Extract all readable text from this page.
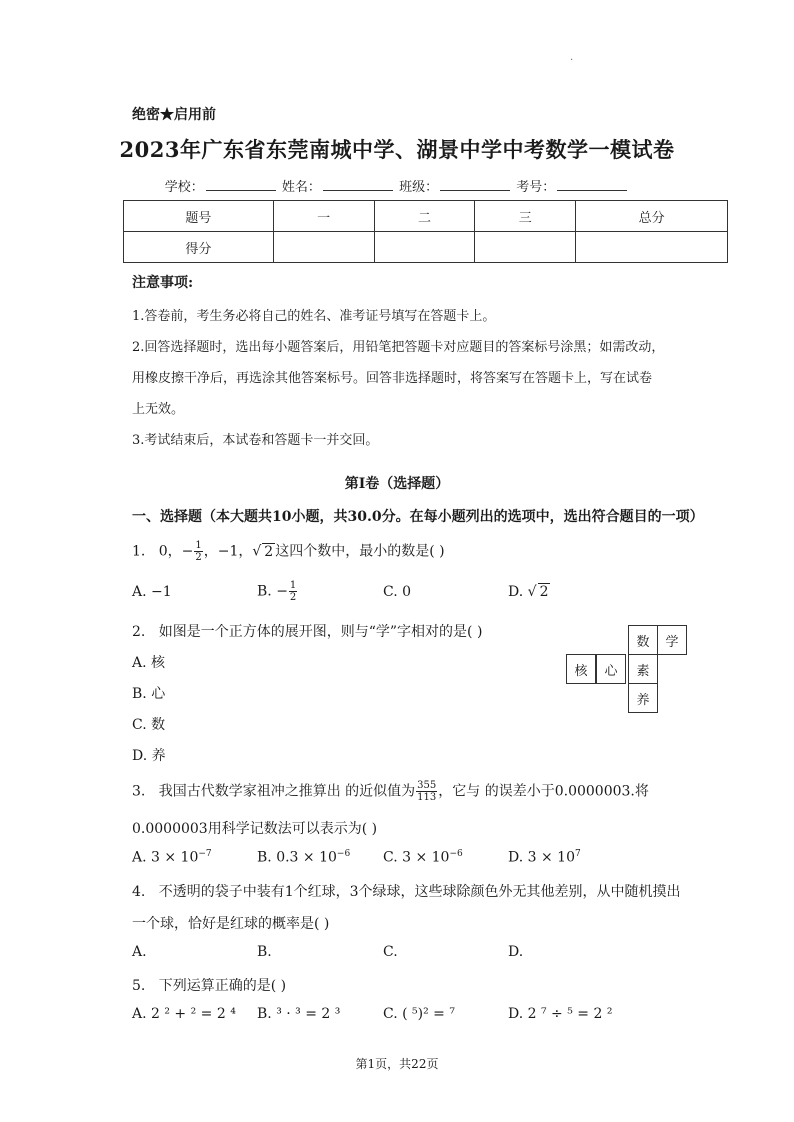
.
绝密★启用前
2023年广东省东莞南城中学、湖景中学中考数学一模试卷
学校：	姓名：	班级：	考号：
题号	一	二	三	总分
得分				
注意事项:
1.答卷前，考生务必将自己的姓名、准考证号填写在答题卡上。
2.回答选择题时，选出每小题答案后，用铅笔把答题卡对应题目的答案标号涂黑；如需改动，
用橡皮擦干净后，再选涂其他答案标号。回答非选择题时，将答案写在答题卡上，写在试卷
上无效。
3.考试结束后，本试卷和答题卡一并交回。
第I卷（选择题）
一、选择题（本大题共10小题，共30.0分。在每小题列出的选项中，选出符合题目的一项）
1. 0，− $\frac{1}{2}$ ，−1，√ 2 这四个数中，最小的数是( )
A. −1	B. − $\frac{1}{2}$	C. 0	D. √ 2
2. 如图是一个正方体的展开图，则与“学”字相对的是( )
A. 核
B. 心
C. 数
D. 养
数	学
核	心	素
养
3. 我国古代数学家祖冲之推算出 的近似值为 $\frac{355}{113}$ ，它与 的误差小于0.0000003.将
0.0000003用科学记数法可以表示为( )
A. $3 \times 10^{-7}$	B. $0.3 \times 10^{-6}$ C. $3 \times 10^{-6}$	D. $3 \times 10^7$
4. 不透明的袋子中装有1个红球，3个绿球，这些球除颜色外无其他差别，从中随机摸出
一个球，恰好是红球的概率是( )
A.	B.	C.	D.
5. 下列运算正确的是( )
A. 2 ² + ² = 2 ⁴ B. ³ · ³ = 2 ³	C. ( ⁵)² = ⁷	D. 2 ⁷ ÷ ⁵ = 2 ²
第1页，共22页
